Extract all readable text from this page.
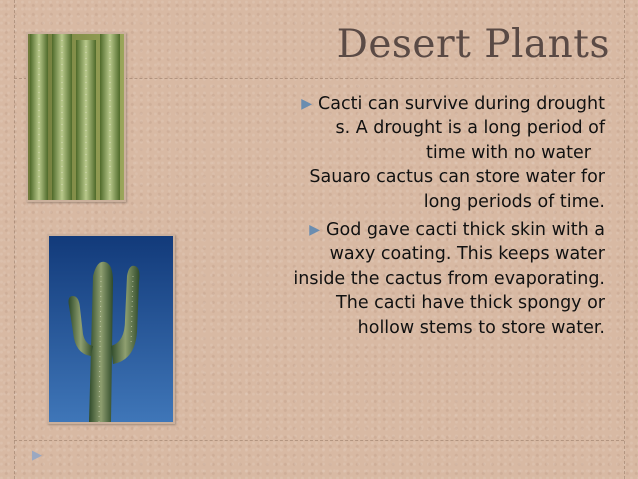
Desert Plants
▶ Cacti can survive during drought
s. A drought is a long period of
time with no water
Sauaro cactus can store water for
long periods of time.
▶ God gave cacti thick skin with a
waxy coating. This keeps water
inside the cactus from evaporating.
The cacti have thick spongy or
hollow stems to store water.
▶
